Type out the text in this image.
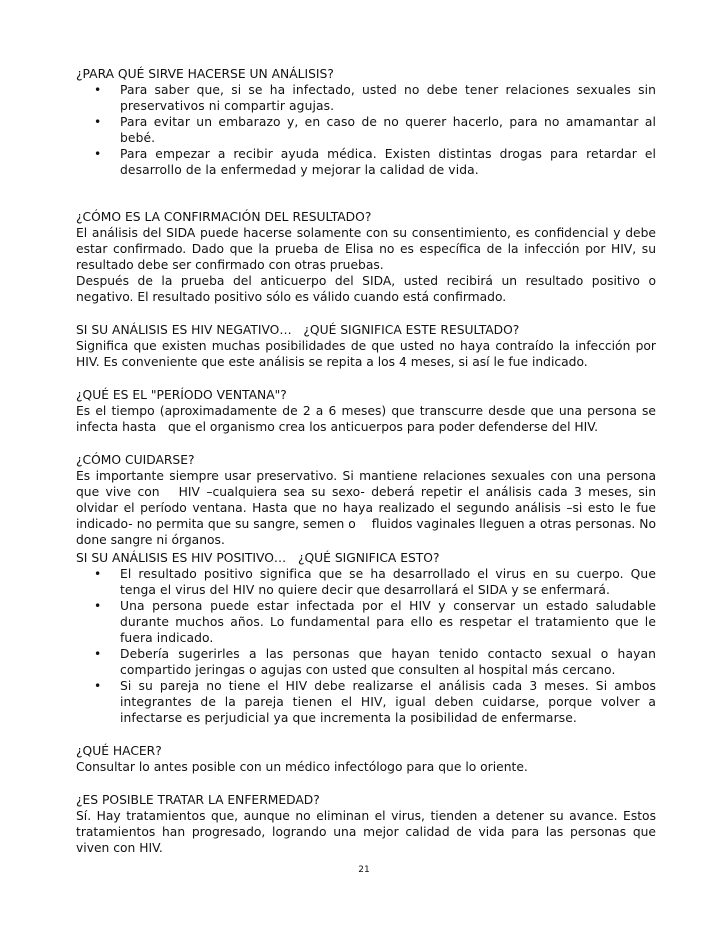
¿PARA QUÉ SIRVE HACERSE UN ANÁLISIS?
• Para saber que, si se ha infectado, usted no debe tener relaciones sexuales sin preservativos ni compartir agujas.
• Para evitar un embarazo y, en caso de no querer hacerlo, para no amamantar al bebé.
• Para empezar a recibir ayuda médica. Existen distintas drogas para retardar el desarrollo de la enfermedad y mejorar la calidad de vida.
¿CÓMO ES LA CONFIRMACIÓN DEL RESULTADO?

El análisis del SIDA puede hacerse solamente con su consentimiento, es confidencial y debe estar confirmado. Dado que la prueba de Elisa no es específica de la infección por HIV, su resultado debe ser confirmado con otras pruebas.

Después de la prueba del anticuerpo del SIDA, usted recibirá un resultado positivo o negativo. El resultado positivo sólo es válido cuando está confirmado.

SI SU ANÁLISIS ES HIV NEGATIVO…   ¿QUÉ SIGNIFICA ESTE RESULTADO?

Significa que existen muchas posibilidades de que usted no haya contraído la infección por HIV. Es conveniente que este análisis se repita a los 4 meses, si así le fue indicado.

¿QUÉ ES EL "PERÍODO VENTANA"?

Es el tiempo (aproximadamente de 2 a 6 meses) que transcurre desde que una persona se infecta hasta   que el organismo crea los anticuerpos para poder defenderse del HIV.

¿CÓMO CUIDARSE?

Es importante siempre usar preservativo. Si mantiene relaciones sexuales con una persona que vive con   HIV –cualquiera sea su sexo- deberá repetir el análisis cada 3 meses, sin olvidar el período ventana. Hasta que no haya realizado el segundo análisis –si esto le fue indicado- no permita que su sangre, semen o    fluidos vaginales lleguen a otras personas. No done sangre ni órganos.

SI SU ANÁLISIS ES HIV POSITIVO…   ¿QUÉ SIGNIFICA ESTO?
• El resultado positivo significa que se ha desarrollado el virus en su cuerpo. Que tenga el virus del HIV no quiere decir que desarrollará el SIDA y se enfermará.
• Una persona puede estar infectada por el HIV y conservar un estado saludable durante muchos años. Lo fundamental para ello es respetar el tratamiento que le fuera indicado.
• Debería sugerirles a las personas que hayan tenido contacto sexual o hayan compartido jeringas o agujas con usted que consulten al hospital más cercano.
• Si su pareja no tiene el HIV debe realizarse el análisis cada 3 meses. Si ambos integrantes de la pareja tienen el HIV, igual deben cuidarse, porque volver a infectarse es perjudicial ya que incrementa la posibilidad de enfermarse.
¿QUÉ HACER?

Consultar lo antes posible con un médico infectólogo para que lo oriente.

¿ES POSIBLE TRATAR LA ENFERMEDAD?

Sí. Hay tratamientos que, aunque no eliminan el virus, tienden a detener su avance. Estos tratamientos han progresado, logrando una mejor calidad de vida para las personas que viven con HIV.

21
